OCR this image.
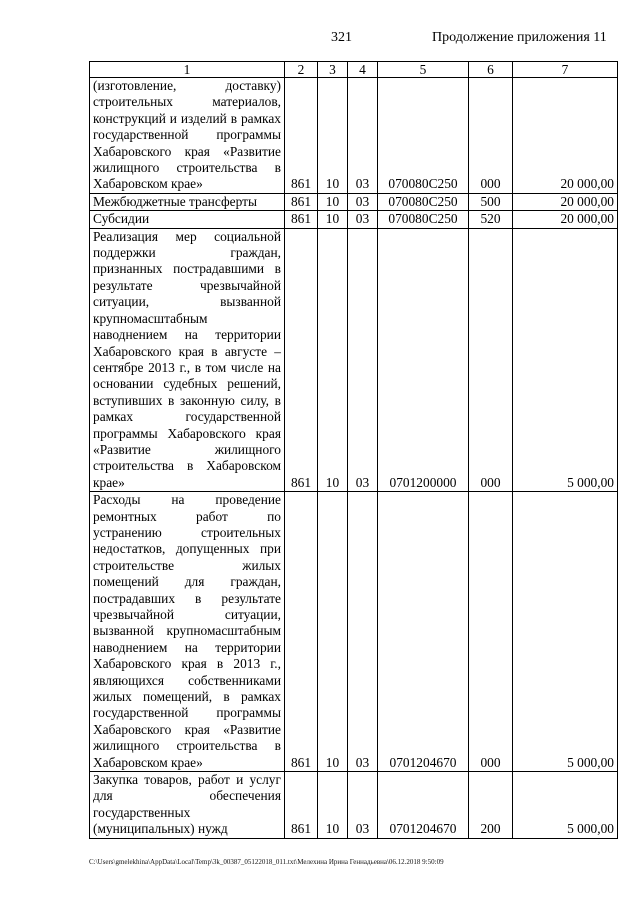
321	Продолжение приложения 11
1	2	3	4	5	6	7
(изготовление, доставку) строительных материалов, конструкций и изделий в рамках государственной программы Хабаровского края «Развитие жилищного строительства в Хабаровском крае»	861	10	03	070080С250	000	20 000,00
Межбюджетные трансферты	861	10	03	070080С250	500	20 000,00
Субсидии	861	10	03	070080С250	520	20 000,00
Реализация мер социальной поддержки граждан, признанных пострадавшими в результате чрезвычайной ситуации, вызванной крупномасштабным наводнением на территории Хабаровского края в августе – сентябре 2013 г., в том числе на основании судебных решений, вступивших в законную силу, в рамках государственной программы Хабаровского края «Развитие жилищного строительства в Хабаровском крае»	861	10	03	0701200000	000	5 000,00
Расходы на проведение ремонтных работ по устранению строительных недостатков, допущенных при строительстве жилых помещений для граждан, пострадавших в результате чрезвычайной ситуации, вызванной крупномасштабным наводнением на территории Хабаровского края в 2013 г., являющихся собственниками жилых помещений, в рамках государственной программы Хабаровского края «Развитие жилищного строительства в Хабаровском крае»	861	10	03	0701204670	000	5 000,00
Закупка товаров, работ и услуг для обеспечения государственных (муниципальных) нужд	861	10	03	0701204670	200	5 000,00
C:\Users\gmelekhina\AppData\Local\Temp\3k_00387_05122018_011.txt\Мелехина Ирина Геннадьевна\06.12.2018 9:50:09
